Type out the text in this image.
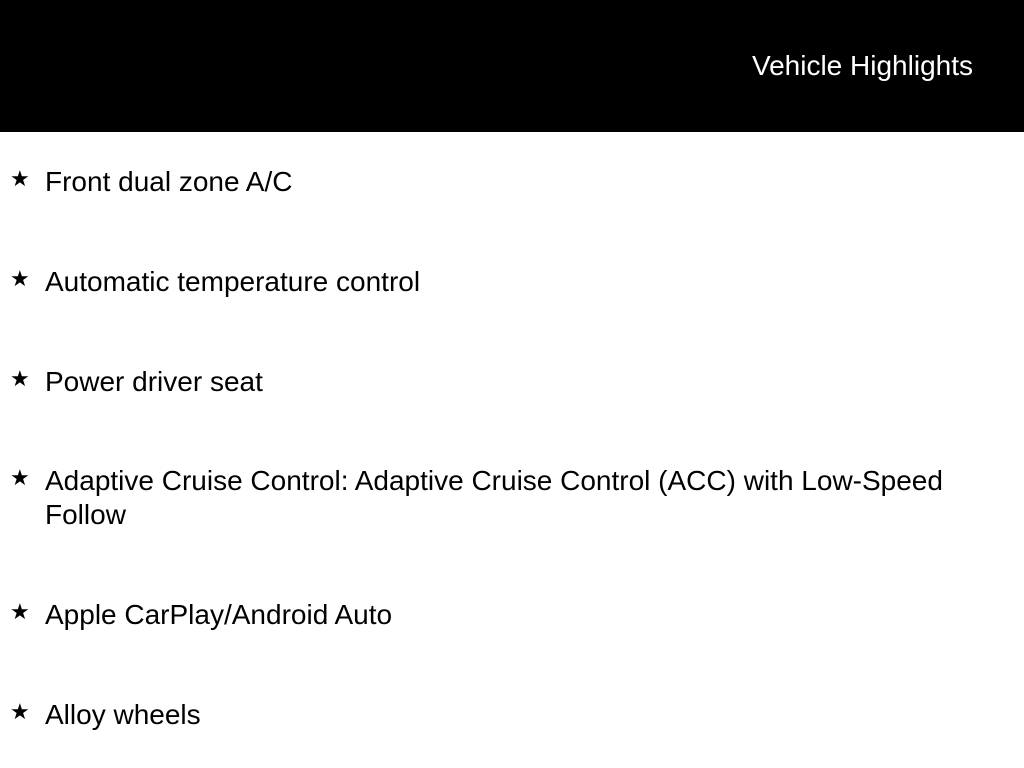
Vehicle Highlights
★ Front dual zone A/C
★ Automatic temperature control
★ Power driver seat
★ Adaptive Cruise Control: Adaptive Cruise Control (ACC) with Low-Speed Follow
★ Apple CarPlay/Android Auto
★ Alloy wheels
